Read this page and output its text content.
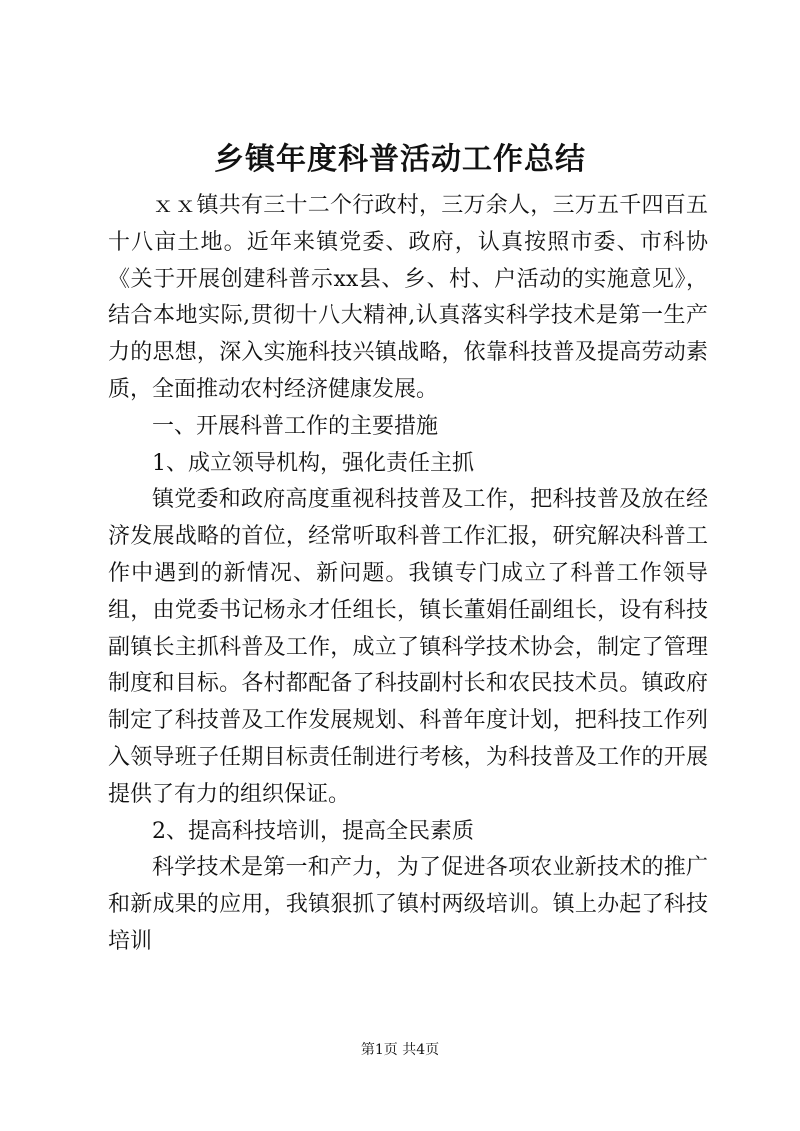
乡镇年度科普活动工作总结

ｘｘ镇共有三十二个行政村，三万余人，三万五千四百五十八亩土地。近年来镇党委、政府，认真按照市委、市科协《关于开展创建科普示xx县、乡、村、户活动的实施意见》，结合本地实际,贯彻十八大精神,认真落实科学技术是第一生产力的思想，深入实施科技兴镇战略，依靠科技普及提高劳动素质，全面推动农村经济健康发展。

一、开展科普工作的主要措施

1、成立领导机构，强化责任主抓

镇党委和政府高度重视科技普及工作，把科技普及放在经济发展战略的首位，经常听取科普工作汇报，研究解决科普工作中遇到的新情况、新问题。我镇专门成立了科普工作领导组，由党委书记杨永才任组长，镇长董娟任副组长，设有科技副镇长主抓科普及工作，成立了镇科学技术协会，制定了管理制度和目标。各村都配备了科技副村长和农民技术员。镇政府制定了科技普及工作发展规划、科普年度计划，把科技工作列入领导班子任期目标责任制进行考核，为科技普及工作的开展提供了有力的组织保证。

2、提高科技培训，提高全民素质

科学技术是第一和产力，为了促进各项农业新技术的推广和新成果的应用，我镇狠抓了镇村两级培训。镇上办起了科技培训

第1页 共4页
